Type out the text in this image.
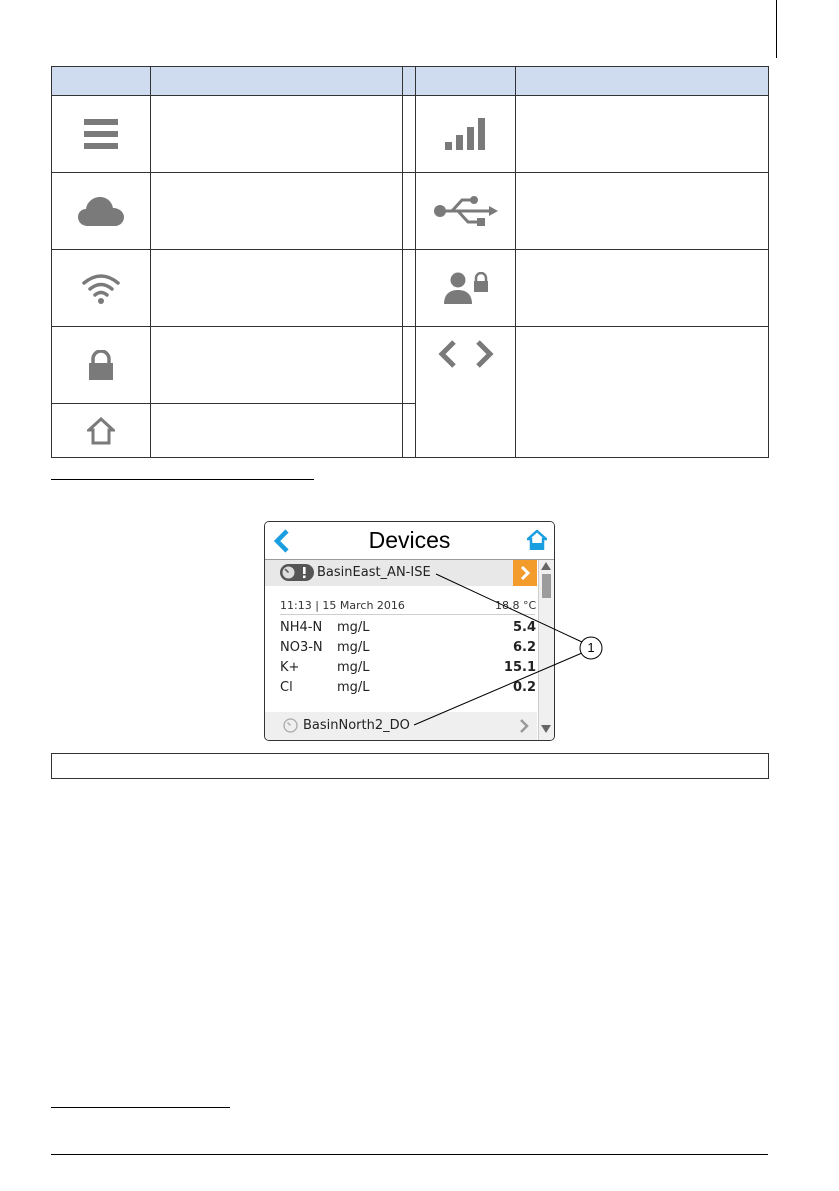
Devices
BasinEast_AN-ISE
11:13 | 15 March 2016	18.8 °C
NH4-N mg/L	5.4
NO3-N mg/L	6.2
K+	mg/L	15.1
Cl	mg/L	0.2
BasinNorth2_DO
1
